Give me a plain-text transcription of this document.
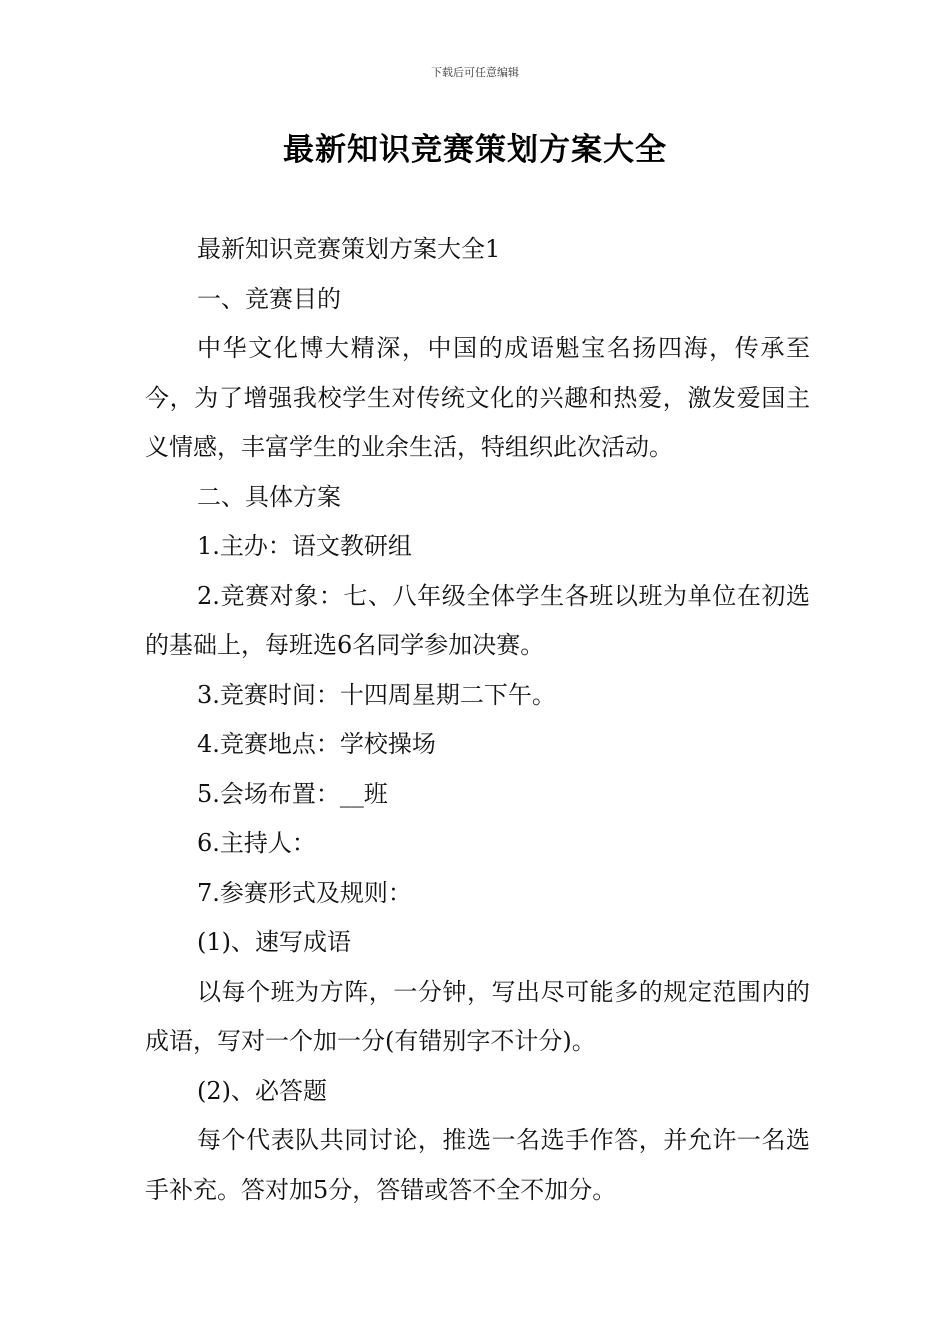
下载后可任意编辑
最新知识竞赛策划方案大全

最新知识竞赛策划方案大全1

一、竞赛目的

中华文化博大精深，中国的成语魁宝名扬四海，传承至今，为了增强我校学生对传统文化的兴趣和热爱，激发爱国主义情感，丰富学生的业余生活，特组织此次活动。

二、具体方案

1.主办：语文教研组

2.竞赛对象：七、八年级全体学生各班以班为单位在初选的基础上，每班选6名同学参加决赛。

3.竞赛时间：十四周星期二下午。

4.竞赛地点：学校操场

5.会场布置：__班

6.主持人：

7.参赛形式及规则：

(1)、速写成语

以每个班为方阵，一分钟，写出尽可能多的规定范围内的成语，写对一个加一分(有错别字不计分)。

(2)、必答题

每个代表队共同讨论，推选一名选手作答，并允许一名选手补充。答对加5分，答错或答不全不加分。
